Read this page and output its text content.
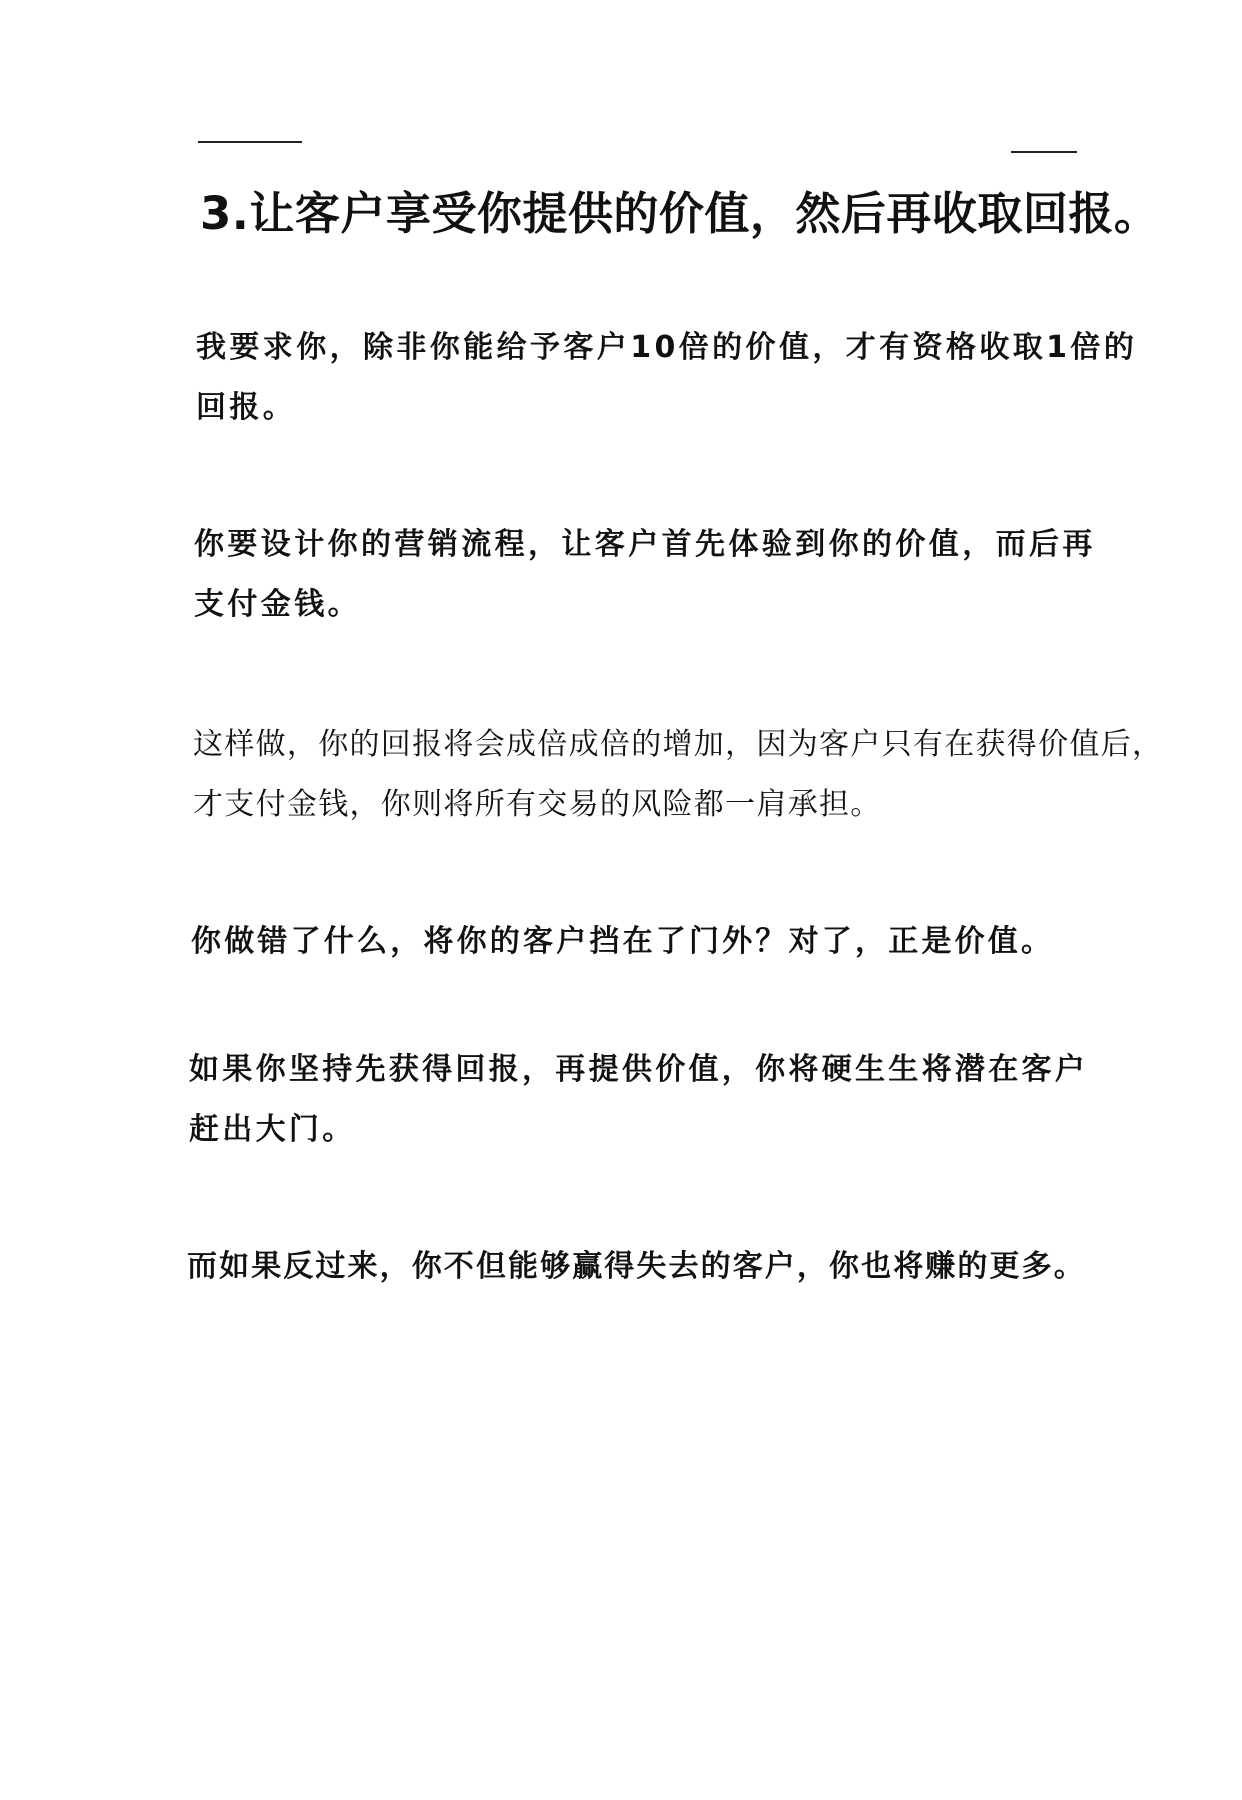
3.让客户享受你提供的价值，然后再收取回报。
我要求你，除非你能给予客户10倍的价值，才有资格收取1倍的
回报。
你要设计你的营销流程，让客户首先体验到你的价值，而后再
支付金钱。
这样做，你的回报将会成倍成倍的增加，因为客户只有在获得价值后，
才支付金钱，你则将所有交易的风险都一肩承担。
你做错了什么，将你的客户挡在了门外？对了，正是价值。
如果你坚持先获得回报，再提供价值，你将硬生生将潜在客户
赶出大门。
而如果反过来，你不但能够赢得失去的客户，你也将赚的更多。
